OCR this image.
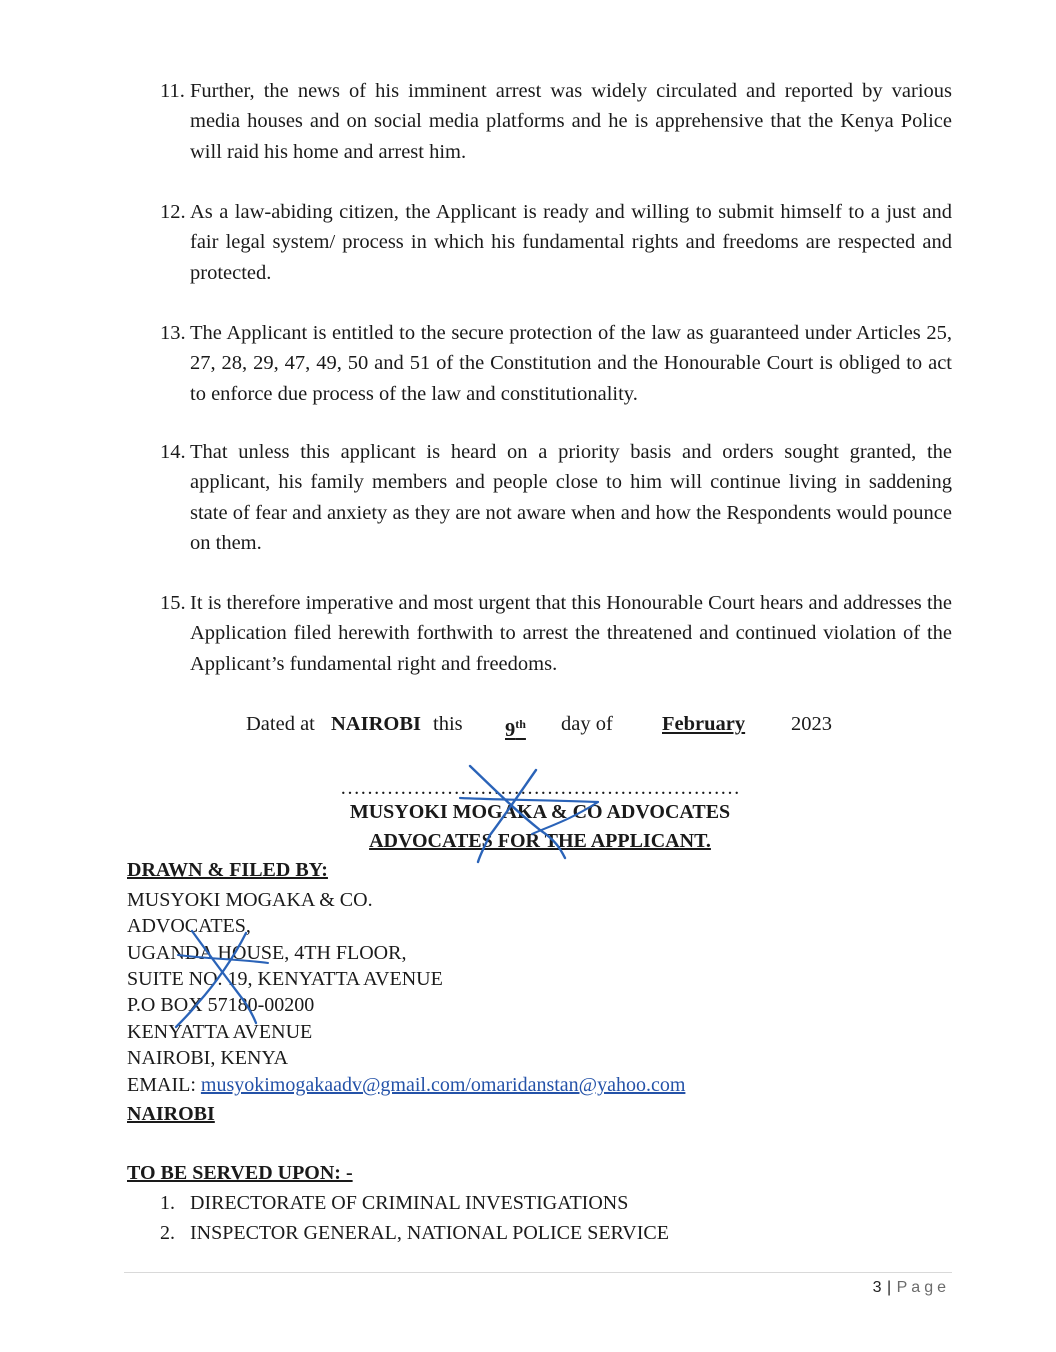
11. Further, the news of his imminent arrest was widely circulated and reported by various media houses and on social media platforms and he is apprehensive that the Kenya Police will raid his home and arrest him.
12. As a law-abiding citizen, the Applicant is ready and willing to submit himself to a just and fair legal system/ process in which his fundamental rights and freedoms are respected and protected.
13. The Applicant is entitled to the secure protection of the law as guaranteed under Articles 25, 27, 28, 29, 47, 49, 50 and 51 of the Constitution and the Honourable Court is obliged to act to enforce due process of the law and constitutionality.
14. That unless this applicant is heard on a priority basis and orders sought granted, the applicant, his family members and people close to him will continue living in saddening state of fear and anxiety as they are not aware when and how the Respondents would pounce on them.
15. It is therefore imperative and most urgent that this Honourable Court hears and addresses the Application filed herewith forthwith to arrest the threatened and continued violation of the Applicant’s fundamental right and freedoms.
Dated at NAIROBI this 9th day of February 2023
……………………………………………………
MUSYOKI MOGAKA & CO ADVOCATES
ADVOCATES FOR THE APPLICANT.
DRAWN & FILED BY:
MUSYOKI MOGAKA & CO.
ADVOCATES,
UGANDA HOUSE, 4TH FLOOR,
SUITE NO. 19, KENYATTA AVENUE
P.O BOX 57180-00200
KENYATTA AVENUE
NAIROBI, KENYA
EMAIL: musyokimogakaadv@gmail.com/omaridanstan@yahoo.com
NAIROBI
TO BE SERVED UPON: -
1. DIRECTORATE OF CRIMINAL INVESTIGATIONS
2. INSPECTOR GENERAL, NATIONAL POLICE SERVICE
3 | Page
